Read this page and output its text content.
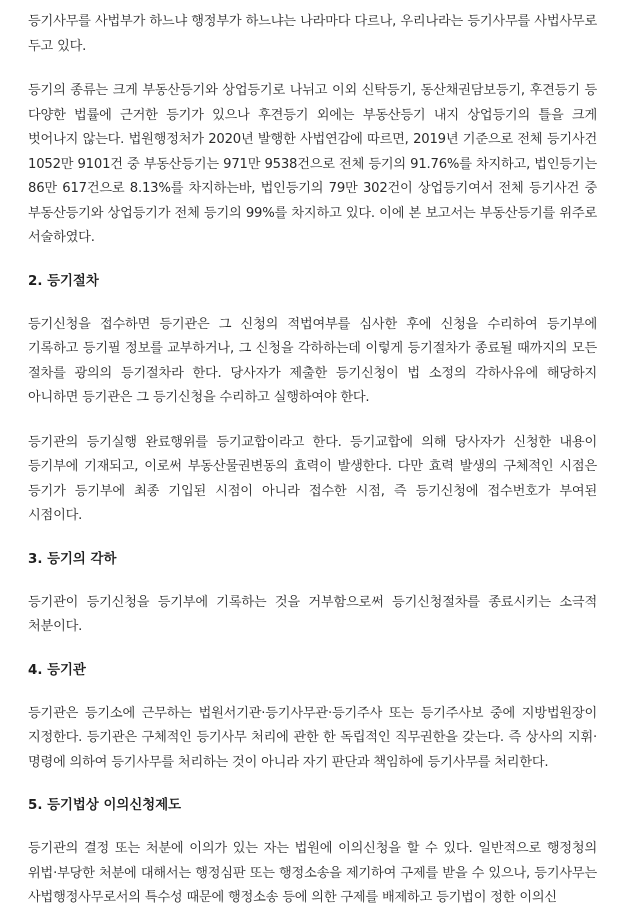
등기사무를 사법부가 하느냐 행정부가 하느냐는 나라마다 다르나, 우리나라는 등기사무를 사법사무로 두고 있다.

등기의 종류는 크게 부동산등기와 상업등기로 나뉘고 이외 신탁등기, 동산채권담보등기, 후견등기 등 다양한 법률에 근거한 등기가 있으나 후견등기 외에는 부동산등기 내지 상업등기의 틀을 크게 벗어나지 않는다. 법원행정처가 2020년 발행한 사법연감에 따르면, 2019년 기준으로 전체 등기사건 1052만 9101건 중 부동산등기는 971만 9538건으로 전체 등기의 91.76%를 차지하고, 법인등기는 86만 617건으로 8.13%를 차지하는바, 법인등기의 79만 302건이 상업등기여서 전체 등기사건 중 부동산등기와 상업등기가 전체 등기의 99%를 차지하고 있다. 이에 본 보고서는 부동산등기를 위주로 서술하였다.

2. 등기절차

등기신청을 접수하면 등기관은 그 신청의 적법여부를 심사한 후에 신청을 수리하여 등기부에 기록하고 등기필 정보를 교부하거나, 그 신청을 각하하는데 이렇게 등기절차가 종료될 때까지의 모든 절차를 광의의 등기절차라 한다. 당사자가 제출한 등기신청이 법 소정의 각하사유에 해당하지 아니하면 등기관은 그 등기신청을 수리하고 실행하여야 한다.

등기관의 등기실행 완료행위를 등기교합이라고 한다. 등기교합에 의해 당사자가 신청한 내용이 등기부에 기재되고, 이로써 부동산물권변동의 효력이 발생한다. 다만 효력 발생의 구체적인 시점은 등기가 등기부에 최종 기입된 시점이 아니라 접수한 시점, 즉 등기신청에 접수번호가 부여된 시점이다.

3. 등기의 각하

등기관이 등기신청을 등기부에 기록하는 것을 거부함으로써 등기신청절차를 종료시키는 소극적 처분이다.

4. 등기관

등기관은 등기소에 근무하는 법원서기관·등기사무관·등기주사 또는 등기주사보 중에 지방법원장이 지정한다. 등기관은 구체적인 등기사무 처리에 관한 한 독립적인 직무권한을 갖는다. 즉 상사의 지휘·명령에 의하여 등기사무를 처리하는 것이 아니라 자기 판단과 책임하에 등기사무를 처리한다.

5. 등기법상 이의신청제도

등기관의 결정 또는 처분에 이의가 있는 자는 법원에 이의신청을 할 수 있다. 일반적으로 행정청의 위법·부당한 처분에 대해서는 행정심판 또는 행정소송을 제기하여 구제를 받을 수 있으나, 등기사무는 사법행정사무로서의 특수성 때문에 행정소송 등에 의한 구제를 배제하고 등기법이 정한 이의신
